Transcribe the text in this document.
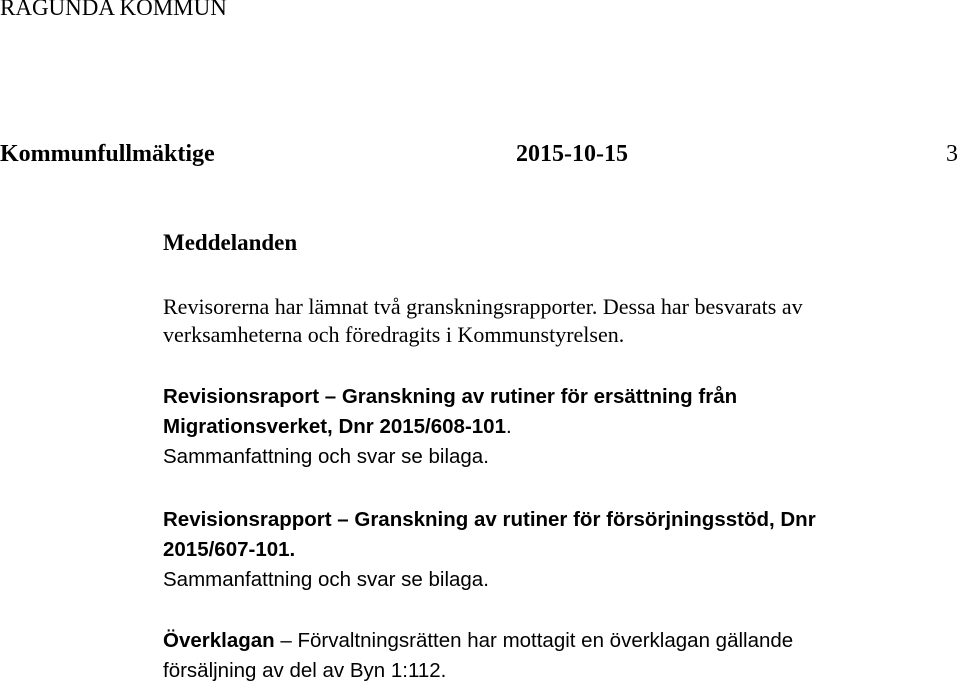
RAGUNDA KOMMUN
Kommunfullmäktige	2015-10-15	3
Meddelanden
Revisorerna har lämnat två granskningsrapporter. Dessa har besvarats av
verksamheterna och föredragits i Kommunstyrelsen.
Revisionsraport – Granskning av rutiner för ersättning från
Migrationsverket, Dnr 2015/608-101.
Sammanfattning och svar se bilaga.
Revisionsrapport – Granskning av rutiner för försörjningsstöd, Dnr
2015/607-101.
Sammanfattning och svar se bilaga.
Överklagan – Förvaltningsrätten har mottagit en överklagan gällande
försäljning av del av Byn 1:112.
